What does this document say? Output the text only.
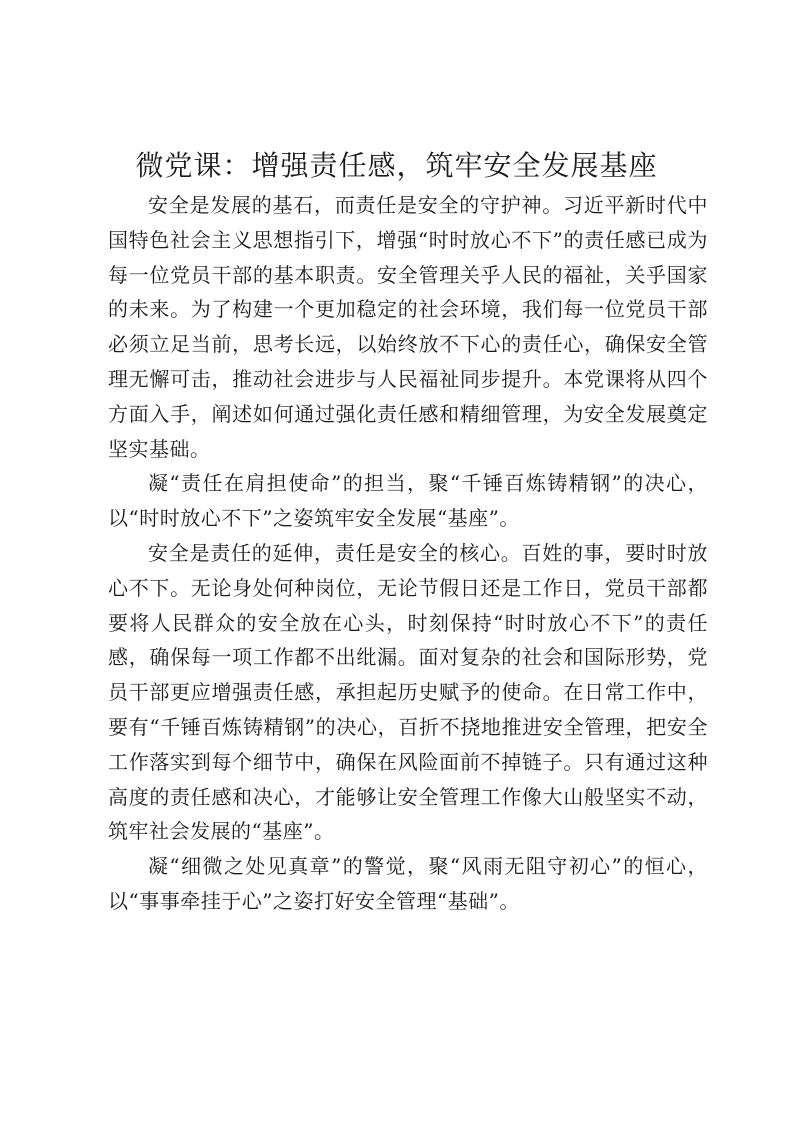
微党课：增强责任感，筑牢安全发展基座

安全是发展的基石，而责任是安全的守护神。习近平新时代中国特色社会主义思想指引下，增强“时时放心不下”的责任感已成为每一位党员干部的基本职责。安全管理关乎人民的福祉，关乎国家的未来。为了构建一个更加稳定的社会环境，我们每一位党员干部必须立足当前，思考长远，以始终放不下心的责任心，确保安全管理无懈可击，推动社会进步与人民福祉同步提升。本党课将从四个方面入手，阐述如何通过强化责任感和精细管理，为安全发展奠定坚实基础。

凝“责任在肩担使命”的担当，聚“千锤百炼铸精钢”的决心，以“时时放心不下”之姿筑牢安全发展“基座”。

安全是责任的延伸，责任是安全的核心。百姓的事，要时时放心不下。无论身处何种岗位，无论节假日还是工作日，党员干部都要将人民群众的安全放在心头，时刻保持“时时放心不下”的责任感，确保每一项工作都不出纰漏。面对复杂的社会和国际形势，党员干部更应增强责任感，承担起历史赋予的使命。在日常工作中，要有“千锤百炼铸精钢”的决心，百折不挠地推进安全管理，把安全工作落实到每个细节中，确保在风险面前不掉链子。只有通过这种高度的责任感和决心，才能够让安全管理工作像大山般坚实不动，筑牢社会发展的“基座”。

凝“细微之处见真章”的警觉，聚“风雨无阻守初心”的恒心，以“事事牵挂于心”之姿打好安全管理“基础”。
